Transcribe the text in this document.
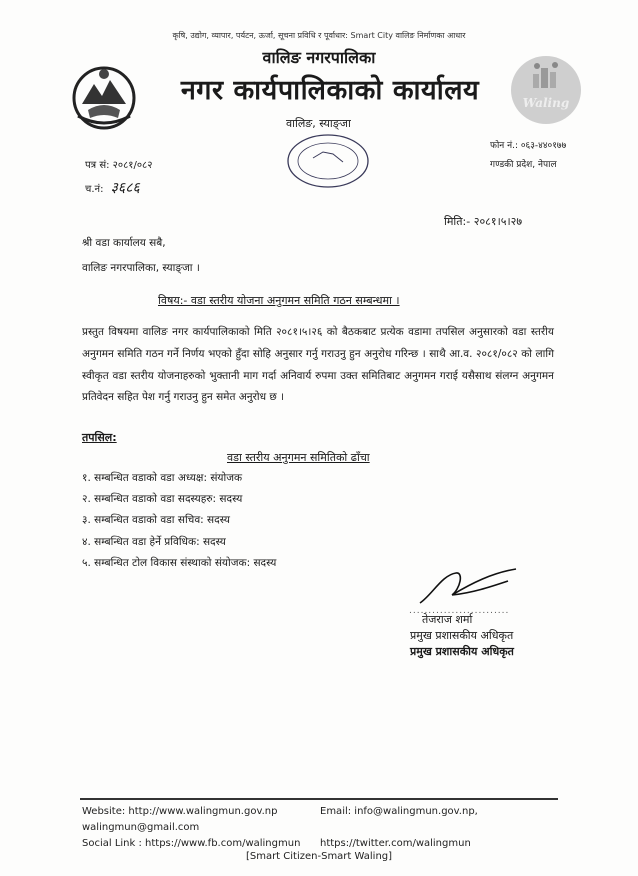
कृषि, उद्योग, व्यापार, पर्यटन, ऊर्जा, सूचना प्रविधि र पूर्वाधार: Smart City वालिङ निर्माणका आधार
वालिङ नगरपालिका
नगर कार्यपालिकाको कार्यालय	Waling
वालिङ, स्याङ्जा
फोन नं.: ०६३-४४०१७७
गण्डकी प्रदेश, नेपाल
पत्र सं: २०८१/०८२
च.नं: ३६८६
मिति:- २०८१।५।२७
श्री वडा कार्यालय सबै,
वालिङ नगरपालिका, स्याङ्जा ।
विषय:- वडा स्तरीय योजना अनुगमन समिति गठन सम्बन्धमा ।
प्रस्तुत विषयमा वालिङ नगर कार्यपालिकाको मिति २०८१।५।२६ को बैठकबाट प्रत्येक वडामा तपसिल अनुसारको वडा स्तरीय अनुगमन समिति गठन गर्ने निर्णय भएको हुँदा सोहि अनुसार गर्नु गराउनु हुन अनुरोध गरिन्छ । साथै आ.व. २०८१/०८२ को लागि स्वीकृत वडा स्तरीय योजनाहरुको भुक्तानी माग गर्दा अनिवार्य रुपमा उक्त समितिबाट अनुगमन गराई यसैसाथ संलग्न अनुगमन प्रतिवेदन सहित पेश गर्नु गराउनु हुन समेत अनुरोध छ ।
तपसिल:
वडा स्तरीय अनुगमन समितिको ढाँचा
१. सम्बन्धित वडाको वडा अध्यक्ष: संयोजक
२. सम्बन्धित वडाको वडा सदस्यहरु: सदस्य
३. सम्बन्धित वडाको वडा सचिव: सदस्य
४. सम्बन्धित वडा हेर्ने प्रविधिक: सदस्य
५. सम्बन्धित टोल विकास संस्थाको संयोजक: सदस्य
..........................
तेजराज शर्मा
प्रमुख प्रशासकीय अधिकृत
प्रमुख प्रशासकीय अधिकृत
Website: http://www.walingmun.gov.np	Email: info@walingmun.gov.np,
walingmun@gmail.com
Social Link : https://www.fb.com/walingmun https://twitter.com/walingmun
[Smart Citizen-Smart Waling]
